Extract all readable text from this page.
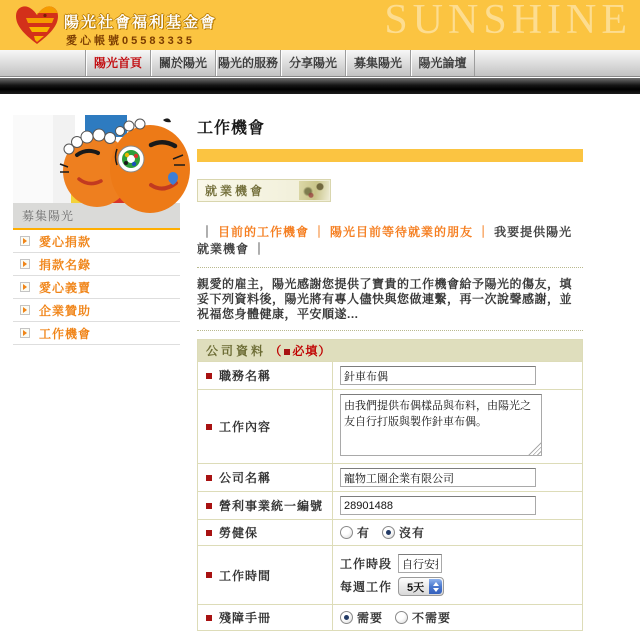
SUNSHINE
陽光社會福利基金會
愛心帳號05583335
陽光首頁	關於陽光 陽光的服務 分享陽光	募集陽光	陽光論壇
募集陽光
愛心捐款
捐款名錄
愛心義賣
企業贊助
工作機會
工作機會
就業機會
｜ 目前的工作機會 ｜ 陽光目前等待就業的朋友 ｜ 我要提供陽光就業機會 ｜

親愛的雇主，陽光感謝您提供了寶貴的工作機會給予陽光的傷友，填妥下列資料後，陽光將有專人儘快與您做連繫，再一次說聲感謝，並祝福您身體健康，平安順遂...

公司資料 （ 必填）	

職務名稱
	針車布偶

工作內容
	由我們提供布偶樣品與布料，由陽光之友自行打版與製作針車布偶。

公司名稱
	寵物工園企業有限公司

營利事業統一編號
	28901488

勞健保	有 沒有

工作時間	工作時段
自行安排
每週工作 5天

殘障手冊	需要 不需要
